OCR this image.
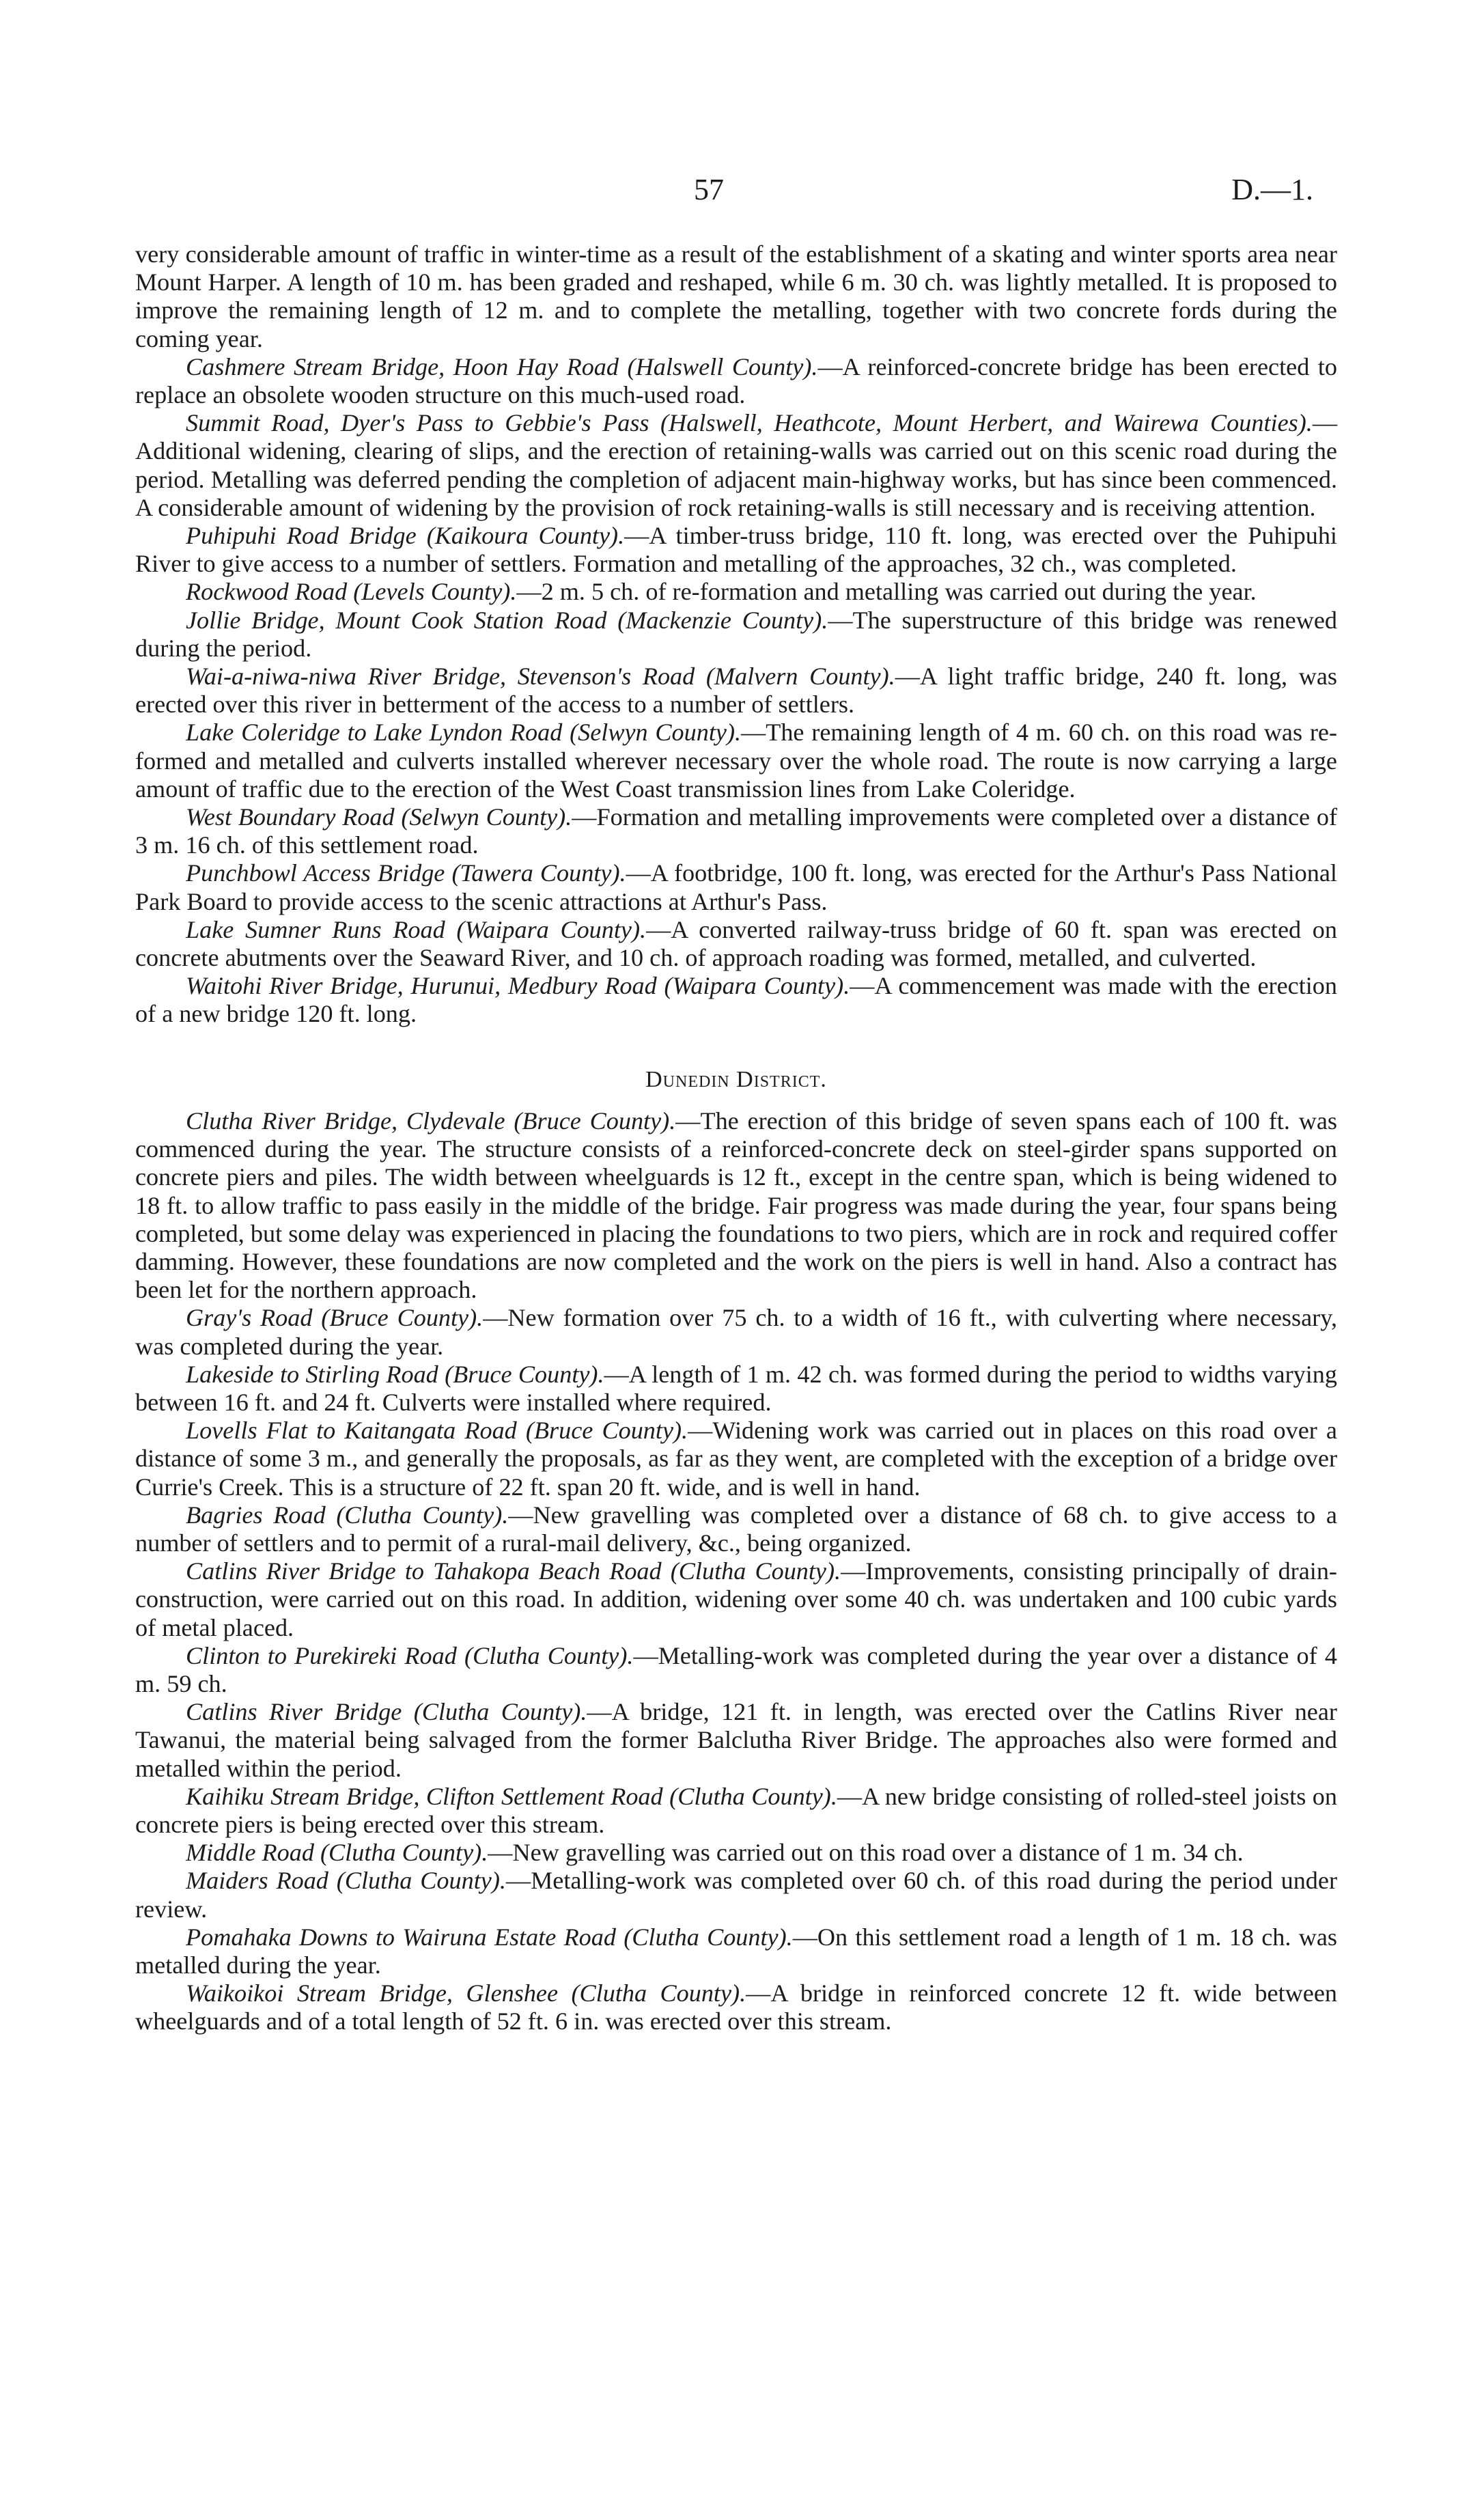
57	D.—1.

very considerable amount of traffic in winter-time as a result of the establishment of a skating and winter sports area near Mount Harper. A length of 10 m. has been graded and reshaped, while 6 m. 30 ch. was lightly metalled. It is proposed to improve the remaining length of 12 m. and to complete the metalling, together with two concrete fords during the coming year.

Cashmere Stream Bridge, Hoon Hay Road (Halswell County).—A reinforced-concrete bridge has been erected to replace an obsolete wooden structure on this much-used road.

Summit Road, Dyer's Pass to Gebbie's Pass (Halswell, Heathcote, Mount Herbert, and Wairewa Counties).—Additional widening, clearing of slips, and the erection of retaining-walls was carried out on this scenic road during the period. Metalling was deferred pending the completion of adjacent main-highway works, but has since been commenced. A considerable amount of widening by the provision of rock retaining-walls is still necessary and is receiving attention.

Puhipuhi Road Bridge (Kaikoura County).—A timber-truss bridge, 110 ft. long, was erected over the Puhipuhi River to give access to a number of settlers. Formation and metalling of the approaches, 32 ch., was completed.

Rockwood Road (Levels County).—2 m. 5 ch. of re-formation and metalling was carried out during the year.

Jollie Bridge, Mount Cook Station Road (Mackenzie County).—The superstructure of this bridge was renewed during the period.

Wai-a-niwa-niwa River Bridge, Stevenson's Road (Malvern County).—A light traffic bridge, 240 ft. long, was erected over this river in betterment of the access to a number of settlers.

Lake Coleridge to Lake Lyndon Road (Selwyn County).—The remaining length of 4 m. 60 ch. on this road was re-formed and metalled and culverts installed wherever necessary over the whole road. The route is now carrying a large amount of traffic due to the erection of the West Coast transmission lines from Lake Coleridge.

West Boundary Road (Selwyn County).—Formation and metalling improvements were completed over a distance of 3 m. 16 ch. of this settlement road.

Punchbowl Access Bridge (Tawera County).—A footbridge, 100 ft. long, was erected for the Arthur's Pass National Park Board to provide access to the scenic attractions at Arthur's Pass.

Lake Sumner Runs Road (Waipara County).—A converted railway-truss bridge of 60 ft. span was erected on concrete abutments over the Seaward River, and 10 ch. of approach roading was formed, metalled, and culverted.

Waitohi River Bridge, Hurunui, Medbury Road (Waipara County).—A commencement was made with the erection of a new bridge 120 ft. long.

Dunedin District.

Clutha River Bridge, Clydevale (Bruce County).—The erection of this bridge of seven spans each of 100 ft. was commenced during the year. The structure consists of a reinforced-concrete deck on steel-girder spans supported on concrete piers and piles. The width between wheelguards is 12 ft., except in the centre span, which is being widened to 18 ft. to allow traffic to pass easily in the middle of the bridge. Fair progress was made during the year, four spans being completed, but some delay was experienced in placing the foundations to two piers, which are in rock and required coffer damming. However, these foundations are now completed and the work on the piers is well in hand. Also a contract has been let for the northern approach.

Gray's Road (Bruce County).—New formation over 75 ch. to a width of 16 ft., with culverting where necessary, was completed during the year.

Lakeside to Stirling Road (Bruce County).—A length of 1 m. 42 ch. was formed during the period to widths varying between 16 ft. and 24 ft. Culverts were installed where required.

Lovells Flat to Kaitangata Road (Bruce County).—Widening work was carried out in places on this road over a distance of some 3 m., and generally the proposals, as far as they went, are completed with the exception of a bridge over Currie's Creek. This is a structure of 22 ft. span 20 ft. wide, and is well in hand.

Bagries Road (Clutha County).—New gravelling was completed over a distance of 68 ch. to give access to a number of settlers and to permit of a rural-mail delivery, &c., being organized.

Catlins River Bridge to Tahakopa Beach Road (Clutha County).—Improvements, consisting principally of drain-construction, were carried out on this road. In addition, widening over some 40 ch. was undertaken and 100 cubic yards of metal placed.

Clinton to Purekireki Road (Clutha County).—Metalling-work was completed during the year over a distance of 4 m. 59 ch.

Catlins River Bridge (Clutha County).—A bridge, 121 ft. in length, was erected over the Catlins River near Tawanui, the material being salvaged from the former Balclutha River Bridge. The approaches also were formed and metalled within the period.

Kaihiku Stream Bridge, Clifton Settlement Road (Clutha County).—A new bridge consisting of rolled-steel joists on concrete piers is being erected over this stream.

Middle Road (Clutha County).—New gravelling was carried out on this road over a distance of 1 m. 34 ch.

Maiders Road (Clutha County).—Metalling-work was completed over 60 ch. of this road during the period under review.

Pomahaka Downs to Wairuna Estate Road (Clutha County).—On this settlement road a length of 1 m. 18 ch. was metalled during the year.

Waikoikoi Stream Bridge, Glenshee (Clutha County).—A bridge in reinforced concrete 12 ft. wide between wheelguards and of a total length of 52 ft. 6 in. was erected over this stream.
